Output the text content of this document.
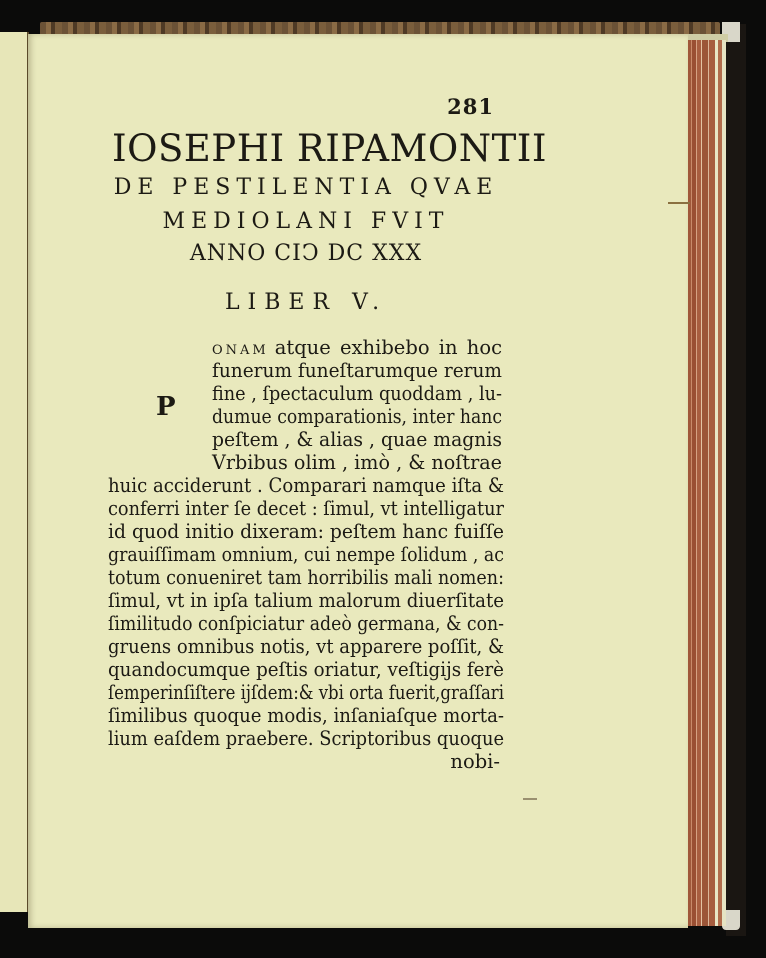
281
IOSEPHI RIPAMONTII
DE PESTILENTIA QVAE
MEDIOLANI FVIT
ANNO CIↃ DC XXX
LIBER V.
P
ONAM atque exhibebo in hoc
funerum funeſtarumque rerum
fine , ſpectaculum quoddam , lu-
dumue comparationis, inter hanc
peſtem , & alias , quae magnis
Vrbibus olim , imò , & noſtrae
huic acciderunt . Comparari namque iſta &
conferri inter ſe decet : ſimul, vt intelligatur
id quod initio dixeram: peſtem hanc fuiſſe
grauiſſimam omnium, cui nempe ſolidum , ac
totum conueniret tam horribilis mali nomen:
ſimul, vt in ipſa talium malorum diuerſitate
ſimilitudo conſpiciatur adeò germana, & con-
gruens omnibus notis, vt apparere poſſit, &
quandocumque peſtis oriatur, veſtigijs ferè
ſemperinſiſtere ijſdem:& vbi orta fuerit,graſſari
ſimilibus quoque modis, inſaniaſque morta-
lium eaſdem praebere. Scriptoribus quoque
nobi-
